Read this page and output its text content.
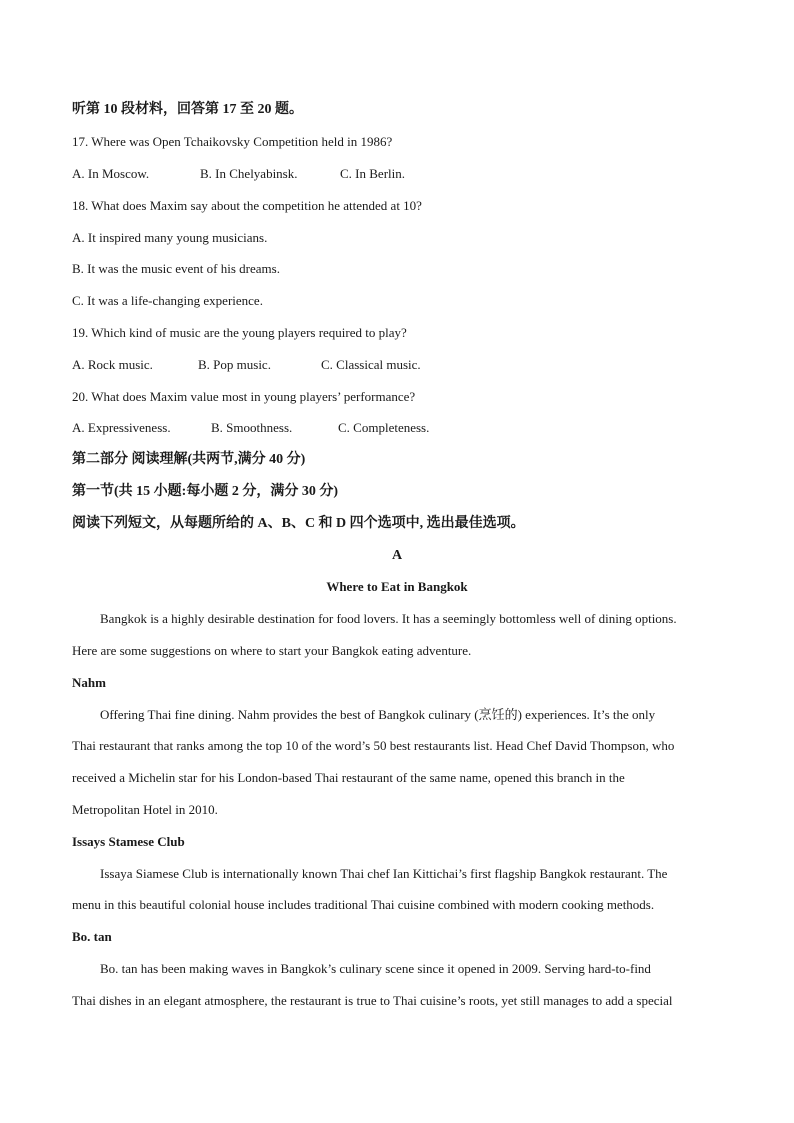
听第 10 段材料，回答第 17 至 20 题。
17. Where was Open Tchaikovsky Competition held in 1986?
A. In Moscow.	B. In Chelyabinsk.	C. In Berlin.
18. What does Maxim say about the competition he attended at 10?
A. It inspired many young musicians.
B. It was the music event of his dreams.
C. It was a life-changing experience.
19. Which kind of music are the young players required to play?
A. Rock music.	B. Pop music.	C. Classical music.
20. What does Maxim value most in young players’ performance?
A. Expressiveness.	B. Smoothness.	C. Completeness.
第二部分 阅读理解(共两节,满分 40 分)
第一节(共 15 小题:每小题 2 分，满分 30 分)
阅读下列短文，从每题所给的 A、B、C 和 D 四个选项中, 选出最佳选项。
A
Where to Eat in Bangkok
Bangkok is a highly desirable destination for food lovers. It has a seemingly bottomless well of dining options.
Here are some suggestions on where to start your Bangkok eating adventure.
Nahm
Offering Thai fine dining. Nahm provides the best of Bangkok culinary (烹饪的) experiences. It’s the only
Thai restaurant that ranks among the top 10 of the word’s 50 best restaurants list. Head Chef David Thompson, who
received a Michelin star for his London-based Thai restaurant of the same name, opened this branch in the
Metropolitan Hotel in 2010.
Issays Stamese Club
Issaya Siamese Club is internationally known Thai chef Ian Kittichai’s first flagship Bangkok restaurant. The
menu in this beautiful colonial house includes traditional Thai cuisine combined with modern cooking methods.
Bo. tan
Bo. tan has been making waves in Bangkok’s culinary scene since it opened in 2009. Serving hard-to-find
Thai dishes in an elegant atmosphere, the restaurant is true to Thai cuisine’s roots, yet still manages to add a special
